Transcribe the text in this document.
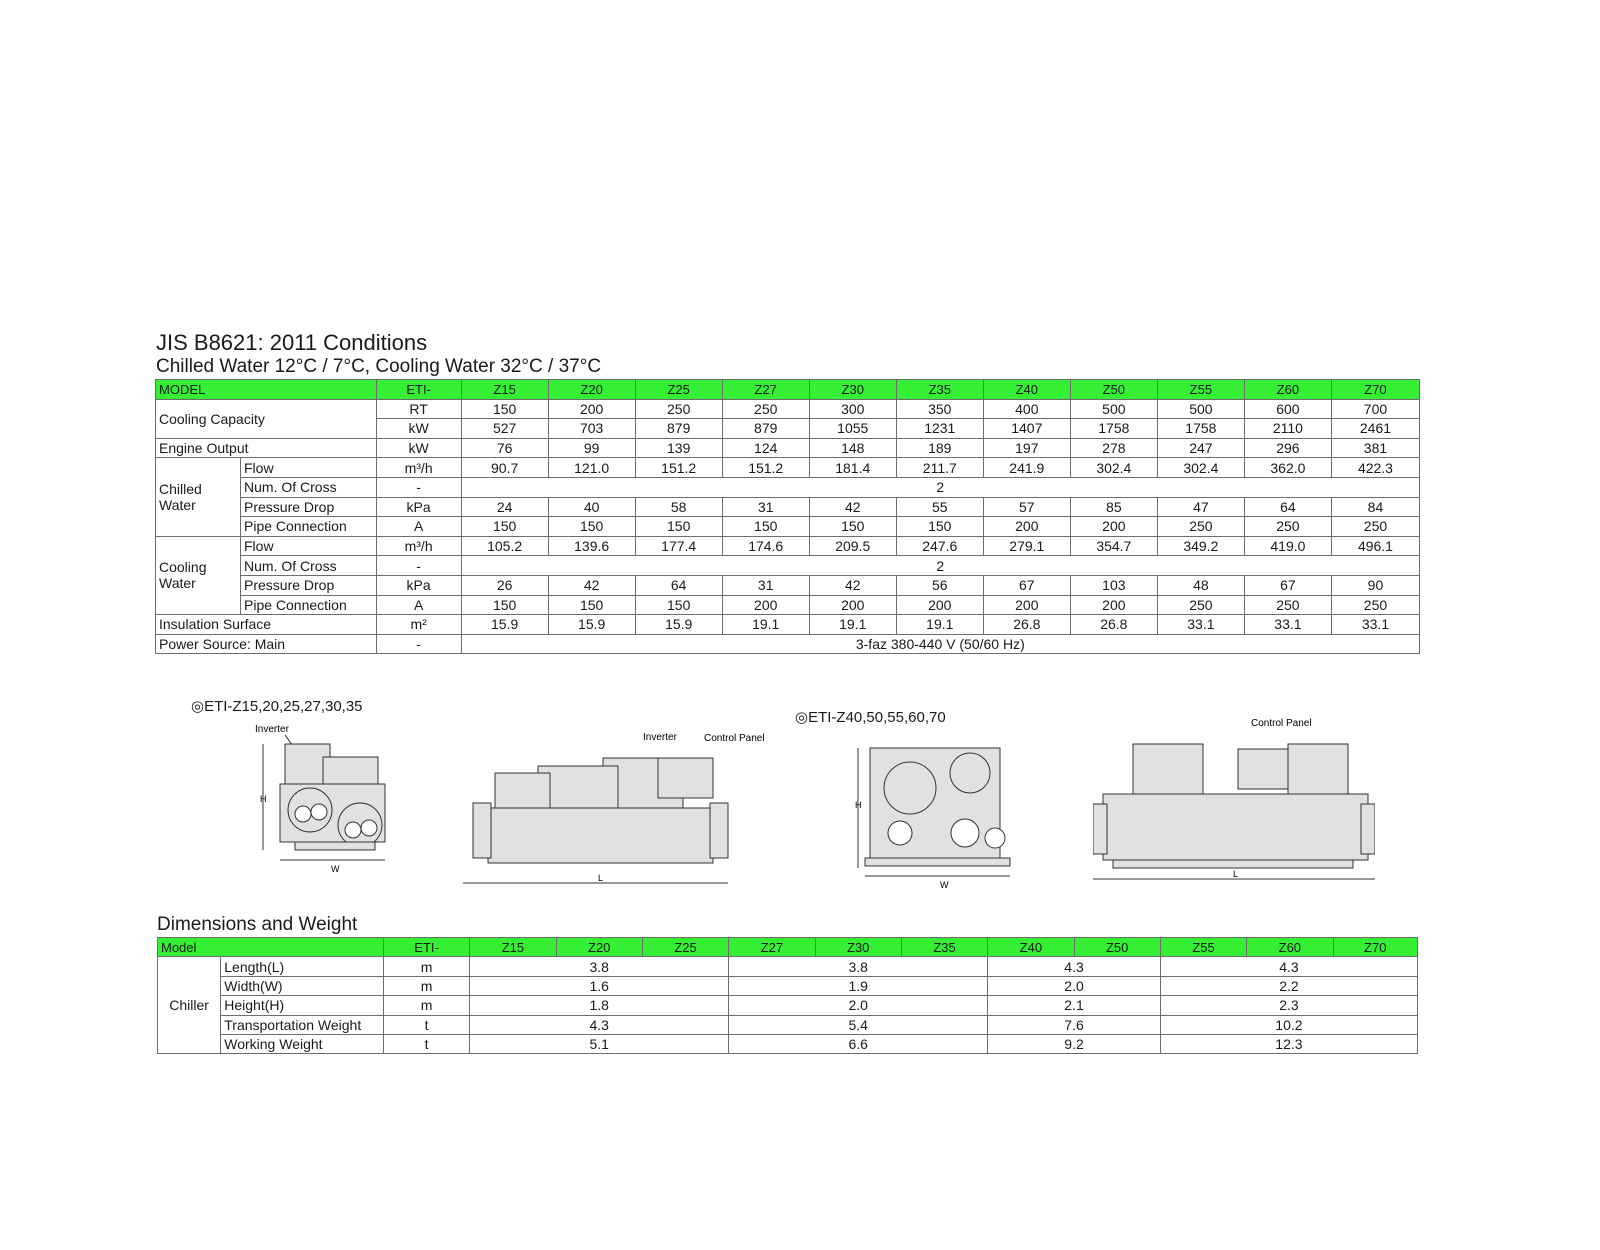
JIS B8621: 2011 Conditions
Chilled Water 12°C / 7°C, Cooling Water 32°C / 37°C
MODEL		ETI-	Z15	Z20	Z25	Z27	Z30	Z35	Z40	Z50	Z55	Z60	Z70
Cooling Capacity		RT	150	200	250	250	300	350	400	500	500	600	700
		kW	527	703	879	879	1055	1231	1407	1758	1758	2110	2461
Engine Output		kW	76	99	139	124	148	189	197	278	247	296	381
Chilled Water	Flow	m³/h	90.7	121.0	151.2	151.2	181.4	211.7	241.9	302.4	302.4	362.0	422.3
	Num. Of Cross	-	2										
	Pressure Drop	kPa	24	40	58	31	42	55	57	85	47	64	84
	Pipe Connection	A	150	150	150	150	150	150	200	200	250	250	250
Cooling Water	Flow	m³/h	105.2	139.6	177.4	174.6	209.5	247.6	279.1	354.7	349.2	419.0	496.1
	Num. Of Cross	-	2										
	Pressure Drop	kPa	26	42	64	31	42	56	67	103	48	67	90
	Pipe Connection	A	150	150	150	200	200	200	200	200	250	250	250
Insulation Surface		m²	15.9	15.9	15.9	19.1	19.1	19.1	26.8	26.8	33.1	33.1	33.1
Power Source: Main		-	3-faz 380-440 V (50/60 Hz)										
◎ETI-Z15,20,25,27,30,35
◎ETI-Z40,50,55,60,70
Inverter
H
W
Inverter	Control Panel
L
H
W
Control Panel
L
Dimensions and Weight
Model		ETI-	Z15	Z20	Z25	Z27	Z30	Z35	Z40	Z50	Z55	Z60	Z70
Chiller	Length(L)	m	3.8			3.8			4.3		4.3		
	Width(W)	m	1.6			1.9			2.0		2.2		
	Height(H)	m	1.8			2.0			2.1		2.3		
	Transportation Weight	t	4.3			5.4			7.6		10.2		
	Working Weight	t	5.1			6.6			9.2		12.3		
